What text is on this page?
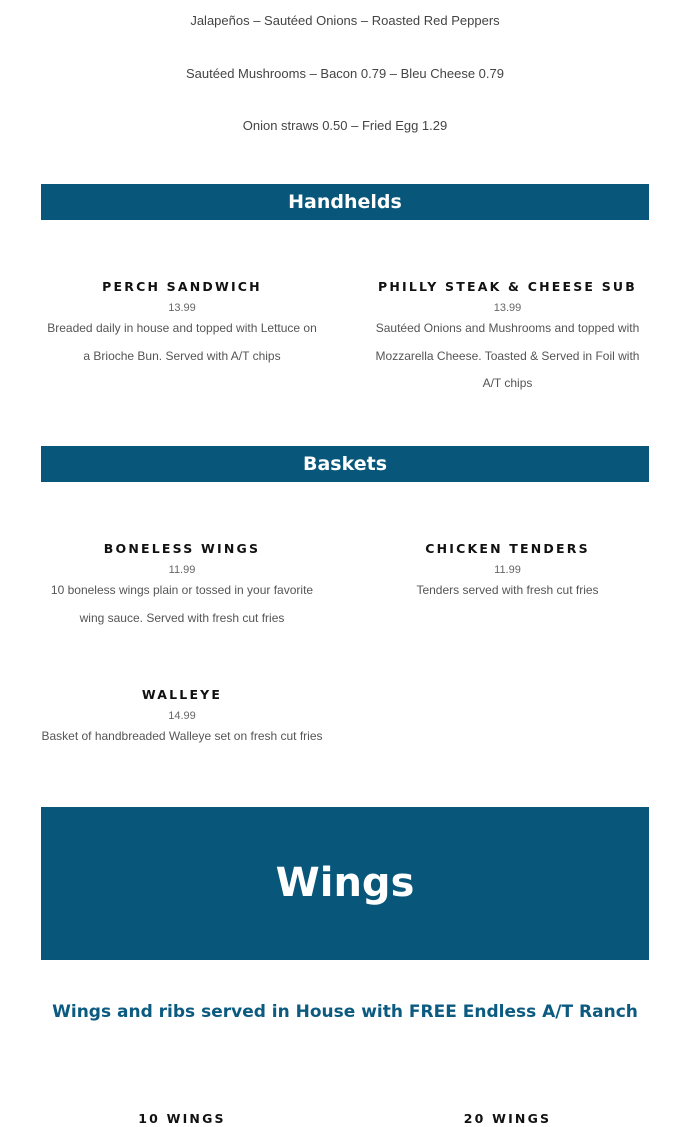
Jalapeños – Sautéed Onions – Roasted Red Peppers
Sautéed Mushrooms – Bacon 0.79 – Bleu Cheese 0.79
Onion straws 0.50 – Fried Egg 1.29
Handhelds
PERCH SANDWICH
13.99
Breaded daily in house and topped with Lettuce on a Brioche Bun. Served with A/T chips
PHILLY STEAK & CHEESE SUB
13.99
Sautéed Onions and Mushrooms and topped with Mozzarella Cheese. Toasted & Served in Foil with A/T chips
Baskets
BONELESS WINGS
11.99
10 boneless wings plain or tossed in your favorite wing sauce. Served with fresh cut fries
CHICKEN TENDERS
11.99
Tenders served with fresh cut fries
WALLEYE
14.99
Basket of handbreaded Walleye set on fresh cut fries
Wings
Wings and ribs served in House with FREE Endless A/T Ranch
10 WINGS	20 WINGS
